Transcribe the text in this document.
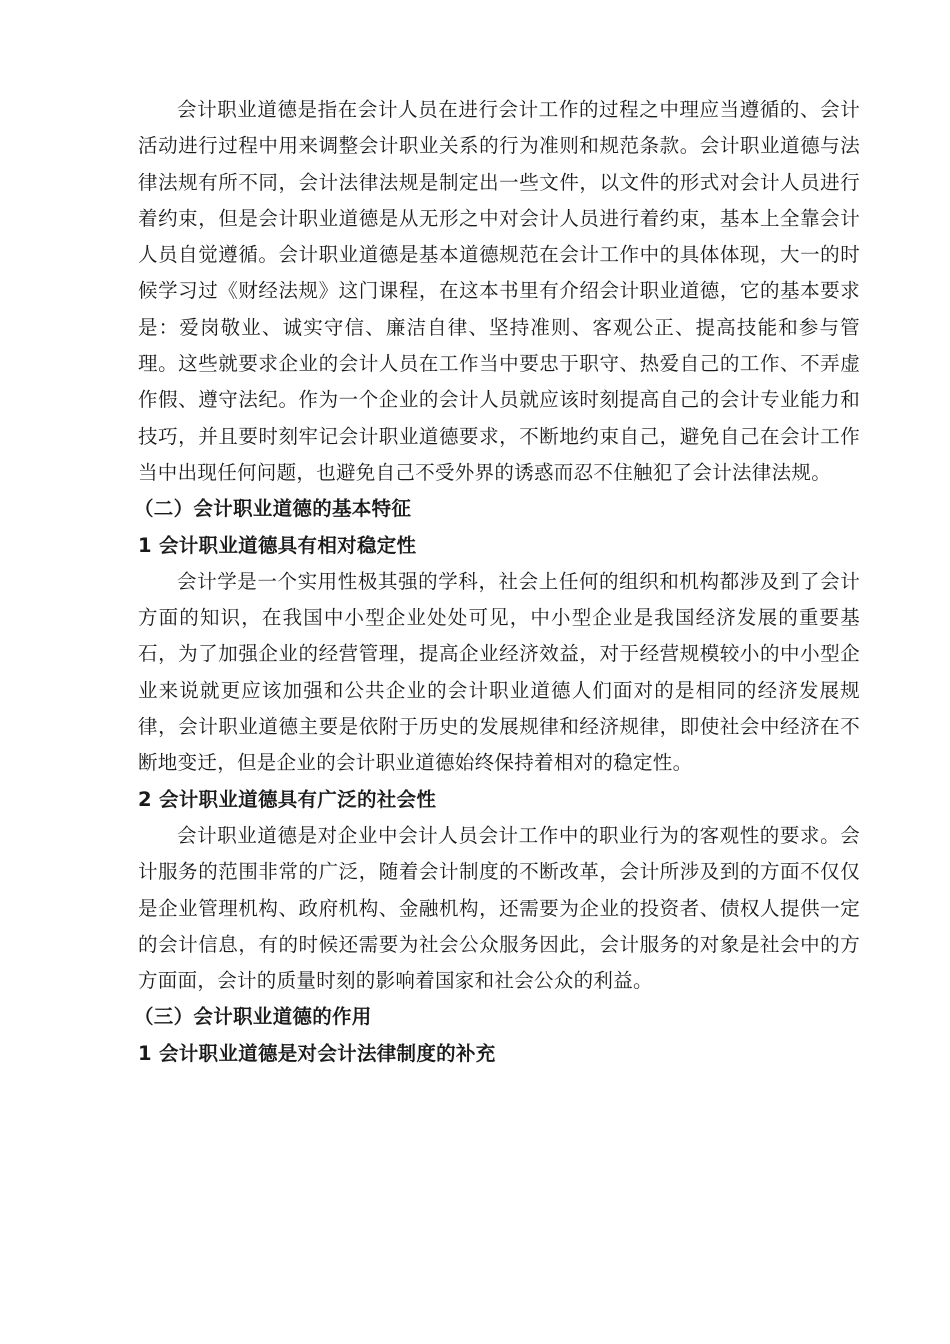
会计职业道德是指在会计人员在进行会计工作的过程之中理应当遵循的、会计活动进行过程中用来调整会计职业关系的行为准则和规范条款。会计职业道德与法律法规有所不同，会计法律法规是制定出一些文件，以文件的形式对会计人员进行着约束，但是会计职业道德是从无形之中对会计人员进行着约束，基本上全靠会计人员自觉遵循。会计职业道德是基本道德规范在会计工作中的具体体现，大一的时候学习过《财经法规》这门课程，在这本书里有介绍会计职业道德，它的基本要求是：爱岗敬业、诚实守信、廉洁自律、坚持准则、客观公正、提高技能和参与管理。这些就要求企业的会计人员在工作当中要忠于职守、热爱自己的工作、不弄虚作假、遵守法纪。作为一个企业的会计人员就应该时刻提高自己的会计专业能力和技巧，并且要时刻牢记会计职业道德要求，不断地约束自己，避免自己在会计工作当中出现任何问题，也避免自己不受外界的诱惑而忍不住触犯了会计法律法规。

（二）会计职业道德的基本特征

1 会计职业道德具有相对稳定性

会计学是一个实用性极其强的学科，社会上任何的组织和机构都涉及到了会计方面的知识，在我国中小型企业处处可见，中小型企业是我国经济发展的重要基石，为了加强企业的经营管理，提高企业经济效益，对于经营规模较小的中小型企业来说就更应该加强和公共企业的会计职业道德人们面对的是相同的经济发展规律，会计职业道德主要是依附于历史的发展规律和经济规律，即使社会中经济在不断地变迁，但是企业的会计职业道德始终保持着相对的稳定性。

2 会计职业道德具有广泛的社会性

会计职业道德是对企业中会计人员会计工作中的职业行为的客观性的要求。会计服务的范围非常的广泛，随着会计制度的不断改革，会计所涉及到的方面不仅仅是企业管理机构、政府机构、金融机构，还需要为企业的投资者、债权人提供一定的会计信息，有的时候还需要为社会公众服务因此，会计服务的对象是社会中的方方面面，会计的质量时刻的影响着国家和社会公众的利益。

（三）会计职业道德的作用

1 会计职业道德是对会计法律制度的补充
